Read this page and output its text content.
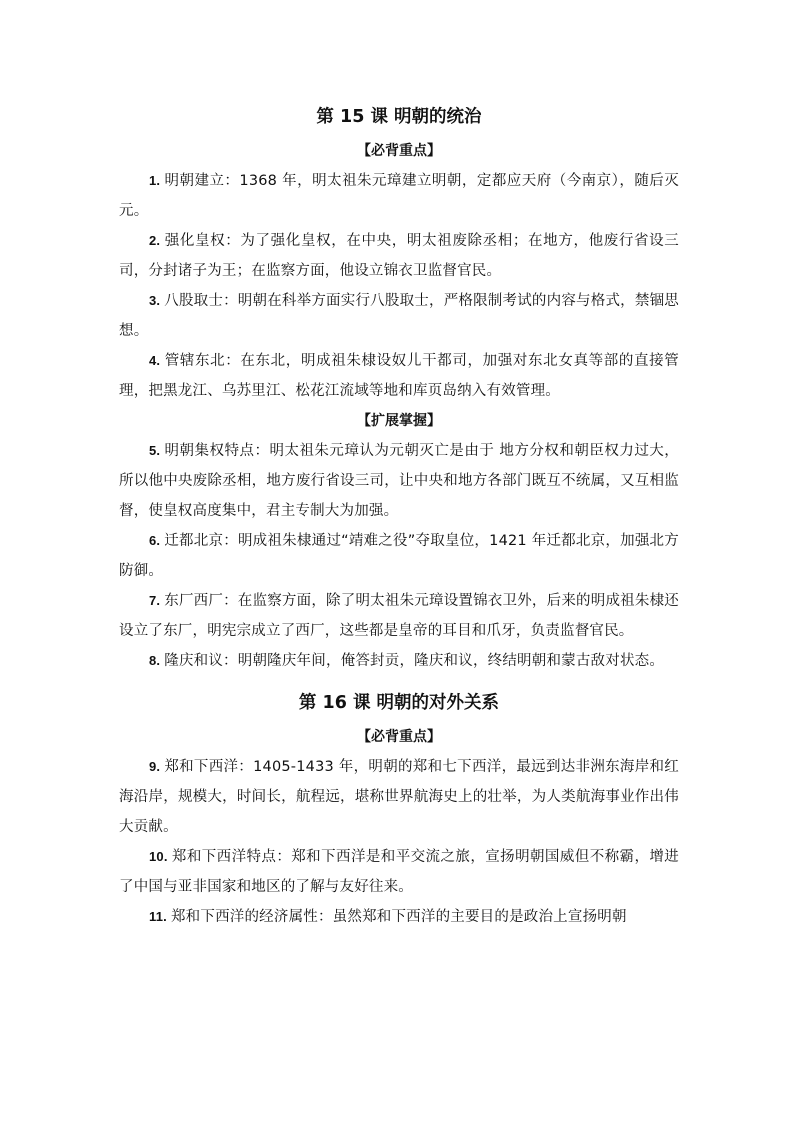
第 15 课 明朝的统治
【必背重点】

1. 明朝建立：1368 年，明太祖朱元璋建立明朝，定都应天府（今南京），随后灭元。

2. 强化皇权：为了强化皇权，在中央，明太祖废除丞相；在地方，他废行省设三司，分封诸子为王；在监察方面，他设立锦衣卫监督官民。

3. 八股取士：明朝在科举方面实行八股取士，严格限制考试的内容与格式，禁锢思想。

4. 管辖东北：在东北，明成祖朱棣设奴儿干都司，加强对东北女真等部的直接管理，把黑龙江、乌苏里江、松花江流域等地和库页岛纳入有效管理。

【扩展掌握】

5. 明朝集权特点：明太祖朱元璋认为元朝灭亡是由于 地方分权和朝臣权力过大，所以他中央废除丞相，地方废行省设三司，让中央和地方各部门既互不统属，又互相监督，使皇权高度集中，君主专制大为加强。

6. 迁都北京：明成祖朱棣通过“靖难之役”夺取皇位，1421 年迁都北京，加强北方防御。

7. 东厂西厂：在监察方面，除了明太祖朱元璋设置锦衣卫外，后来的明成祖朱棣还设立了东厂，明宪宗成立了西厂，这些都是皇帝的耳目和爪牙，负责监督官民。

8. 隆庆和议：明朝隆庆年间，俺答封贡，隆庆和议，终结明朝和蒙古敌对状态。

第 16 课 明朝的对外关系
【必背重点】

9. 郑和下西洋：1405-1433 年，明朝的郑和七下西洋，最远到达非洲东海岸和红海沿岸，规模大，时间长，航程远，堪称世界航海史上的壮举，为人类航海事业作出伟大贡献。

10. 郑和下西洋特点：郑和下西洋是和平交流之旅，宣扬明朝国威但不称霸，增进了中国与亚非国家和地区的了解与友好往来。

11. 郑和下西洋的经济属性：虽然郑和下西洋的主要目的是政治上宣扬明朝
